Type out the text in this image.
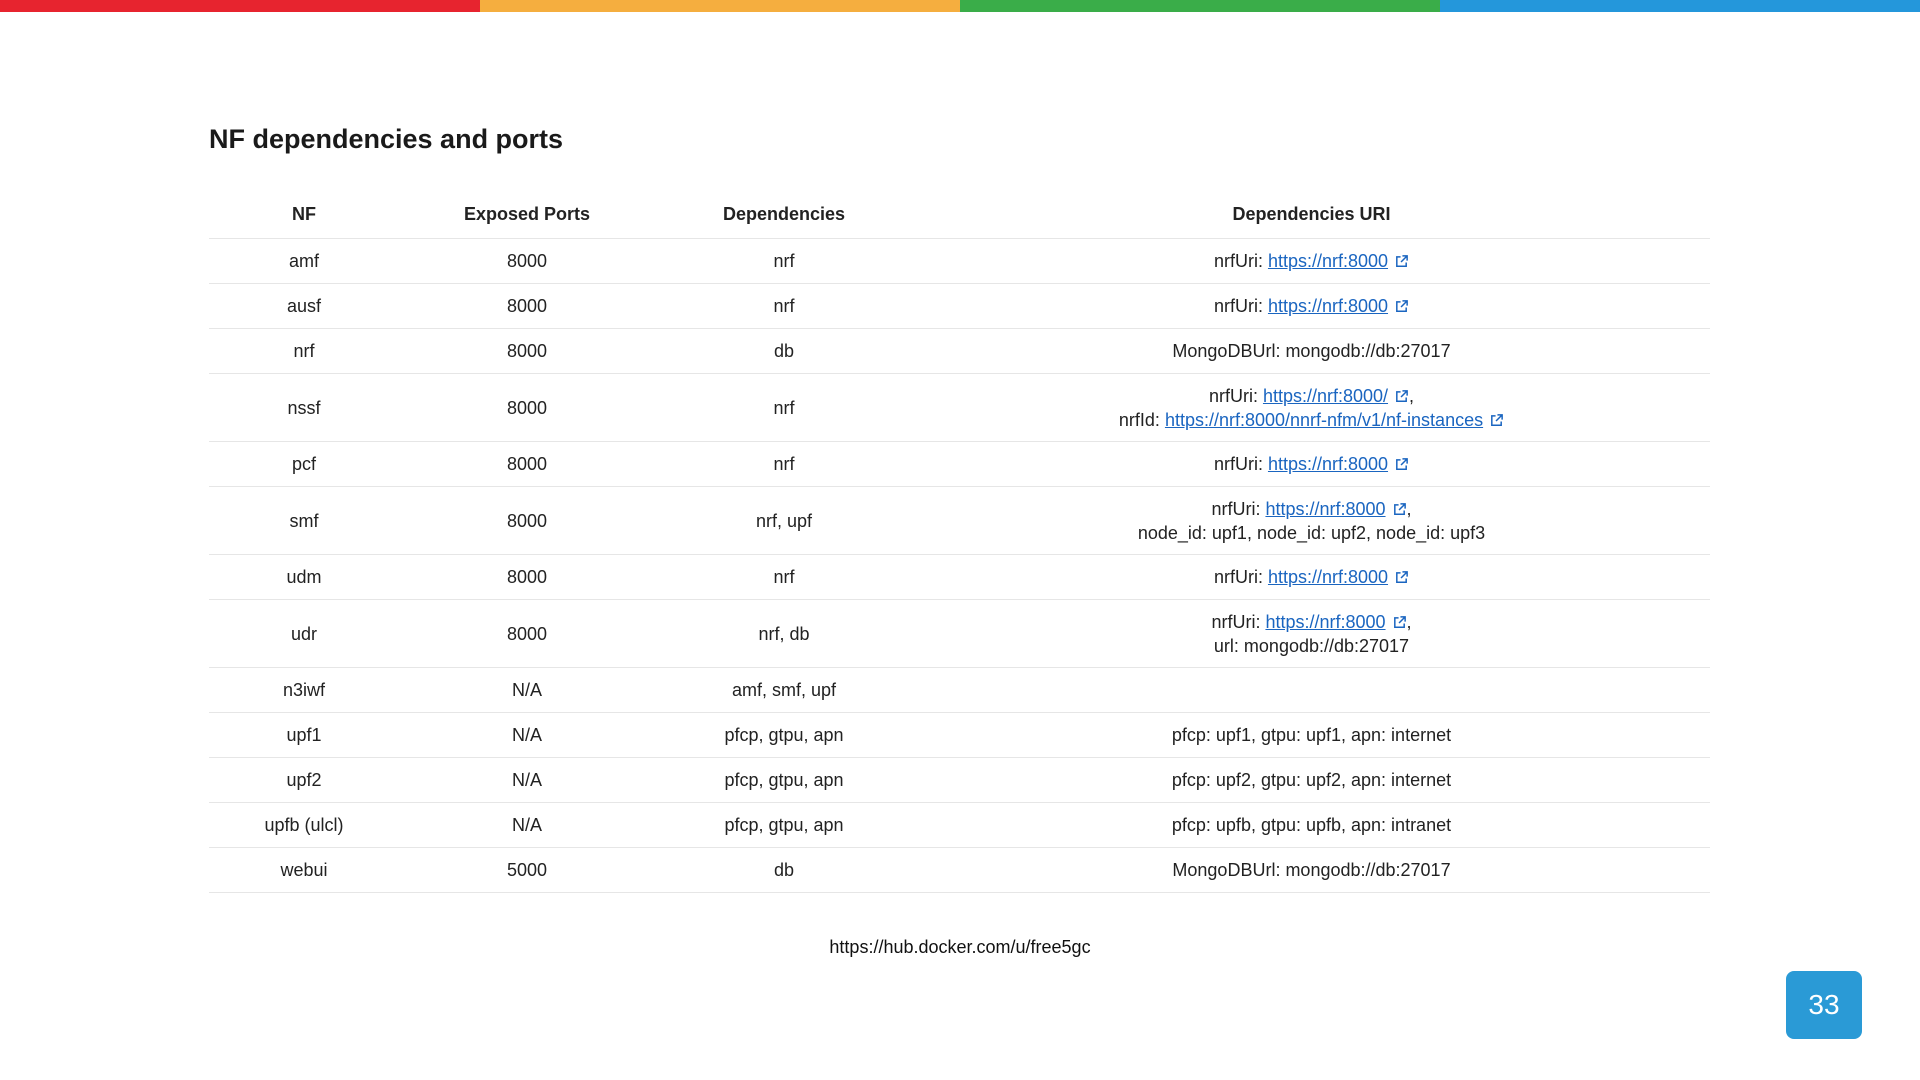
NF dependencies and ports
NF	Exposed Ports	Dependencies	Dependencies URI
amf	8000	nrf	nrfUri: https://nrf:8000

ausf	8000	nrf	nrfUri: https://nrf:8000

nrf	8000	db	MongoDBUrl: mongodb://db:27017

nssf	8000	nrf	nrfUri: https://nrf:8000/ ,
nrfId: https://nrf:8000/nnrf-nfm/v1/nf-instances

pcf	8000	nrf	nrfUri: https://nrf:8000

smf	8000	nrf, upf	nrfUri: https://nrf:8000 ,
node_id: upf1, node_id: upf2, node_id: upf3

udm	8000	nrf	nrfUri: https://nrf:8000

udr	8000	nrf, db	nrfUri: https://nrf:8000 ,
url: mongodb://db:27017

n3iwf	N/A	amf, smf, upf	
upf1	N/A	pfcp, gtpu, apn	pfcp: upf1, gtpu: upf1, apn: internet

upf2	N/A	pfcp, gtpu, apn	pfcp: upf2, gtpu: upf2, apn: internet

upfb (ulcl)	N/A	pfcp, gtpu, apn	pfcp: upfb, gtpu: upfb, apn: intranet

webui	5000	db	MongoDBUrl: mongodb://db:27017
https://hub.docker.com/u/free5gc
33
